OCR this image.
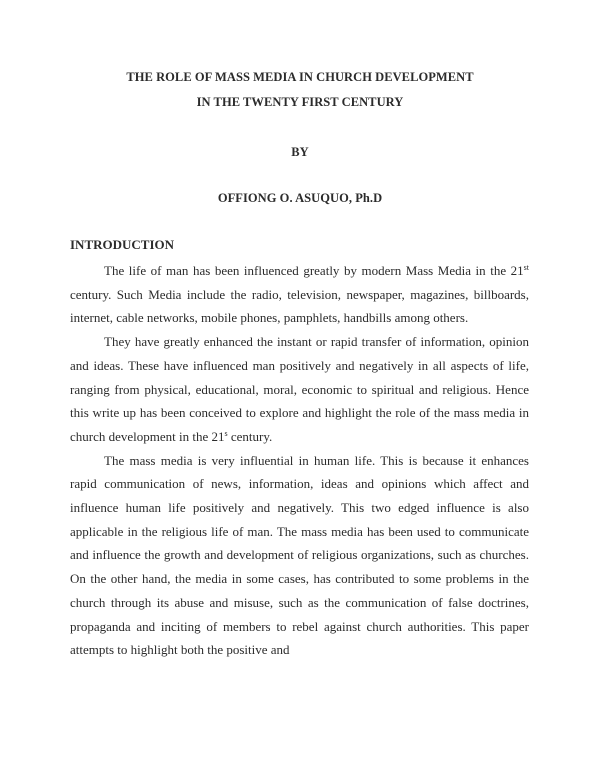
THE ROLE OF MASS MEDIA IN CHURCH DEVELOPMENT
IN THE TWENTY FIRST CENTURY
BY
OFFIONG O. ASUQUO, Ph.D
INTRODUCTION

The life of man has been influenced greatly by modern Mass Media in the 21st century. Such Media include the radio, television, newspaper, magazines, billboards, internet, cable networks, mobile phones, pamphlets, handbills among others.

They have greatly enhanced the instant or rapid transfer of information, opinion and ideas. These have influenced man positively and negatively in all aspects of life, ranging from physical, educational, moral, economic to spiritual and religious. Hence this write up has been conceived to explore and highlight the role of the mass media in church development in the 21$^s$ century.

The mass media is very influential in human life. This is because it enhances rapid communication of news, information, ideas and opinions which affect and influence human life positively and negatively. This two edged influence is also applicable in the religious life of man. The mass media has been used to communicate and influence the growth and development of religious organizations, such as churches. On the other hand, the media in some cases, has contributed to some problems in the church through its abuse and misuse, such as the communication of false doctrines, propaganda and inciting of members to rebel against church authorities. This paper attempts to highlight both the positive and
